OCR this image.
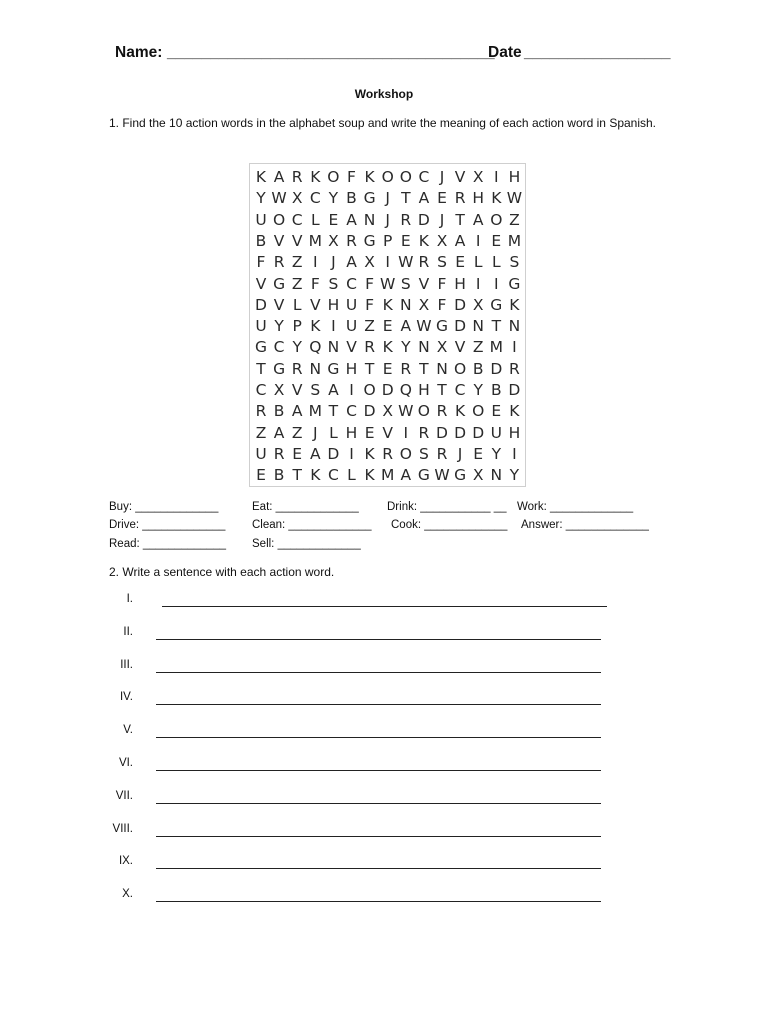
Name: ______________________________________
Date _________________
Workshop
1. Find the 10 action words in the alphabet soup and write the meaning of each action word in Spanish.
K A R K O F K O O C J V X I H
Y W X C Y B G J T A E R H K W
U O C L E A N J R D J T A O Z
B V V M X R G P E K X A I E M
F R Z I J A X I W R S E L L S
V G Z F S C F W S V F H I I G
D V L V H U F K N X F D X G K
U Y P K I U Z E A W G D N T N
G C Y Q N V R K Y N X V Z M I
T G R N G H T E R T N O B D R
C X V S A I O D Q H T C Y B D
R B A M T C D X W O R K O E K
Z A Z J L H E V I R D D D U H
U R E A D I K R O S R J E Y I
E B T K C L K M A G W G X N Y
Buy: _____________	Eat: _____________ Drink: ___________ __ Work: _____________
Drive: _____________ Clean: _____________ Cook: _____________ Answer: _____________
Read: _____________ Sell: _____________
2. Write a sentence with each action word.
I.
II.
III.
IV.
V.
VI.
VII.
VIII.
IX.
X.
